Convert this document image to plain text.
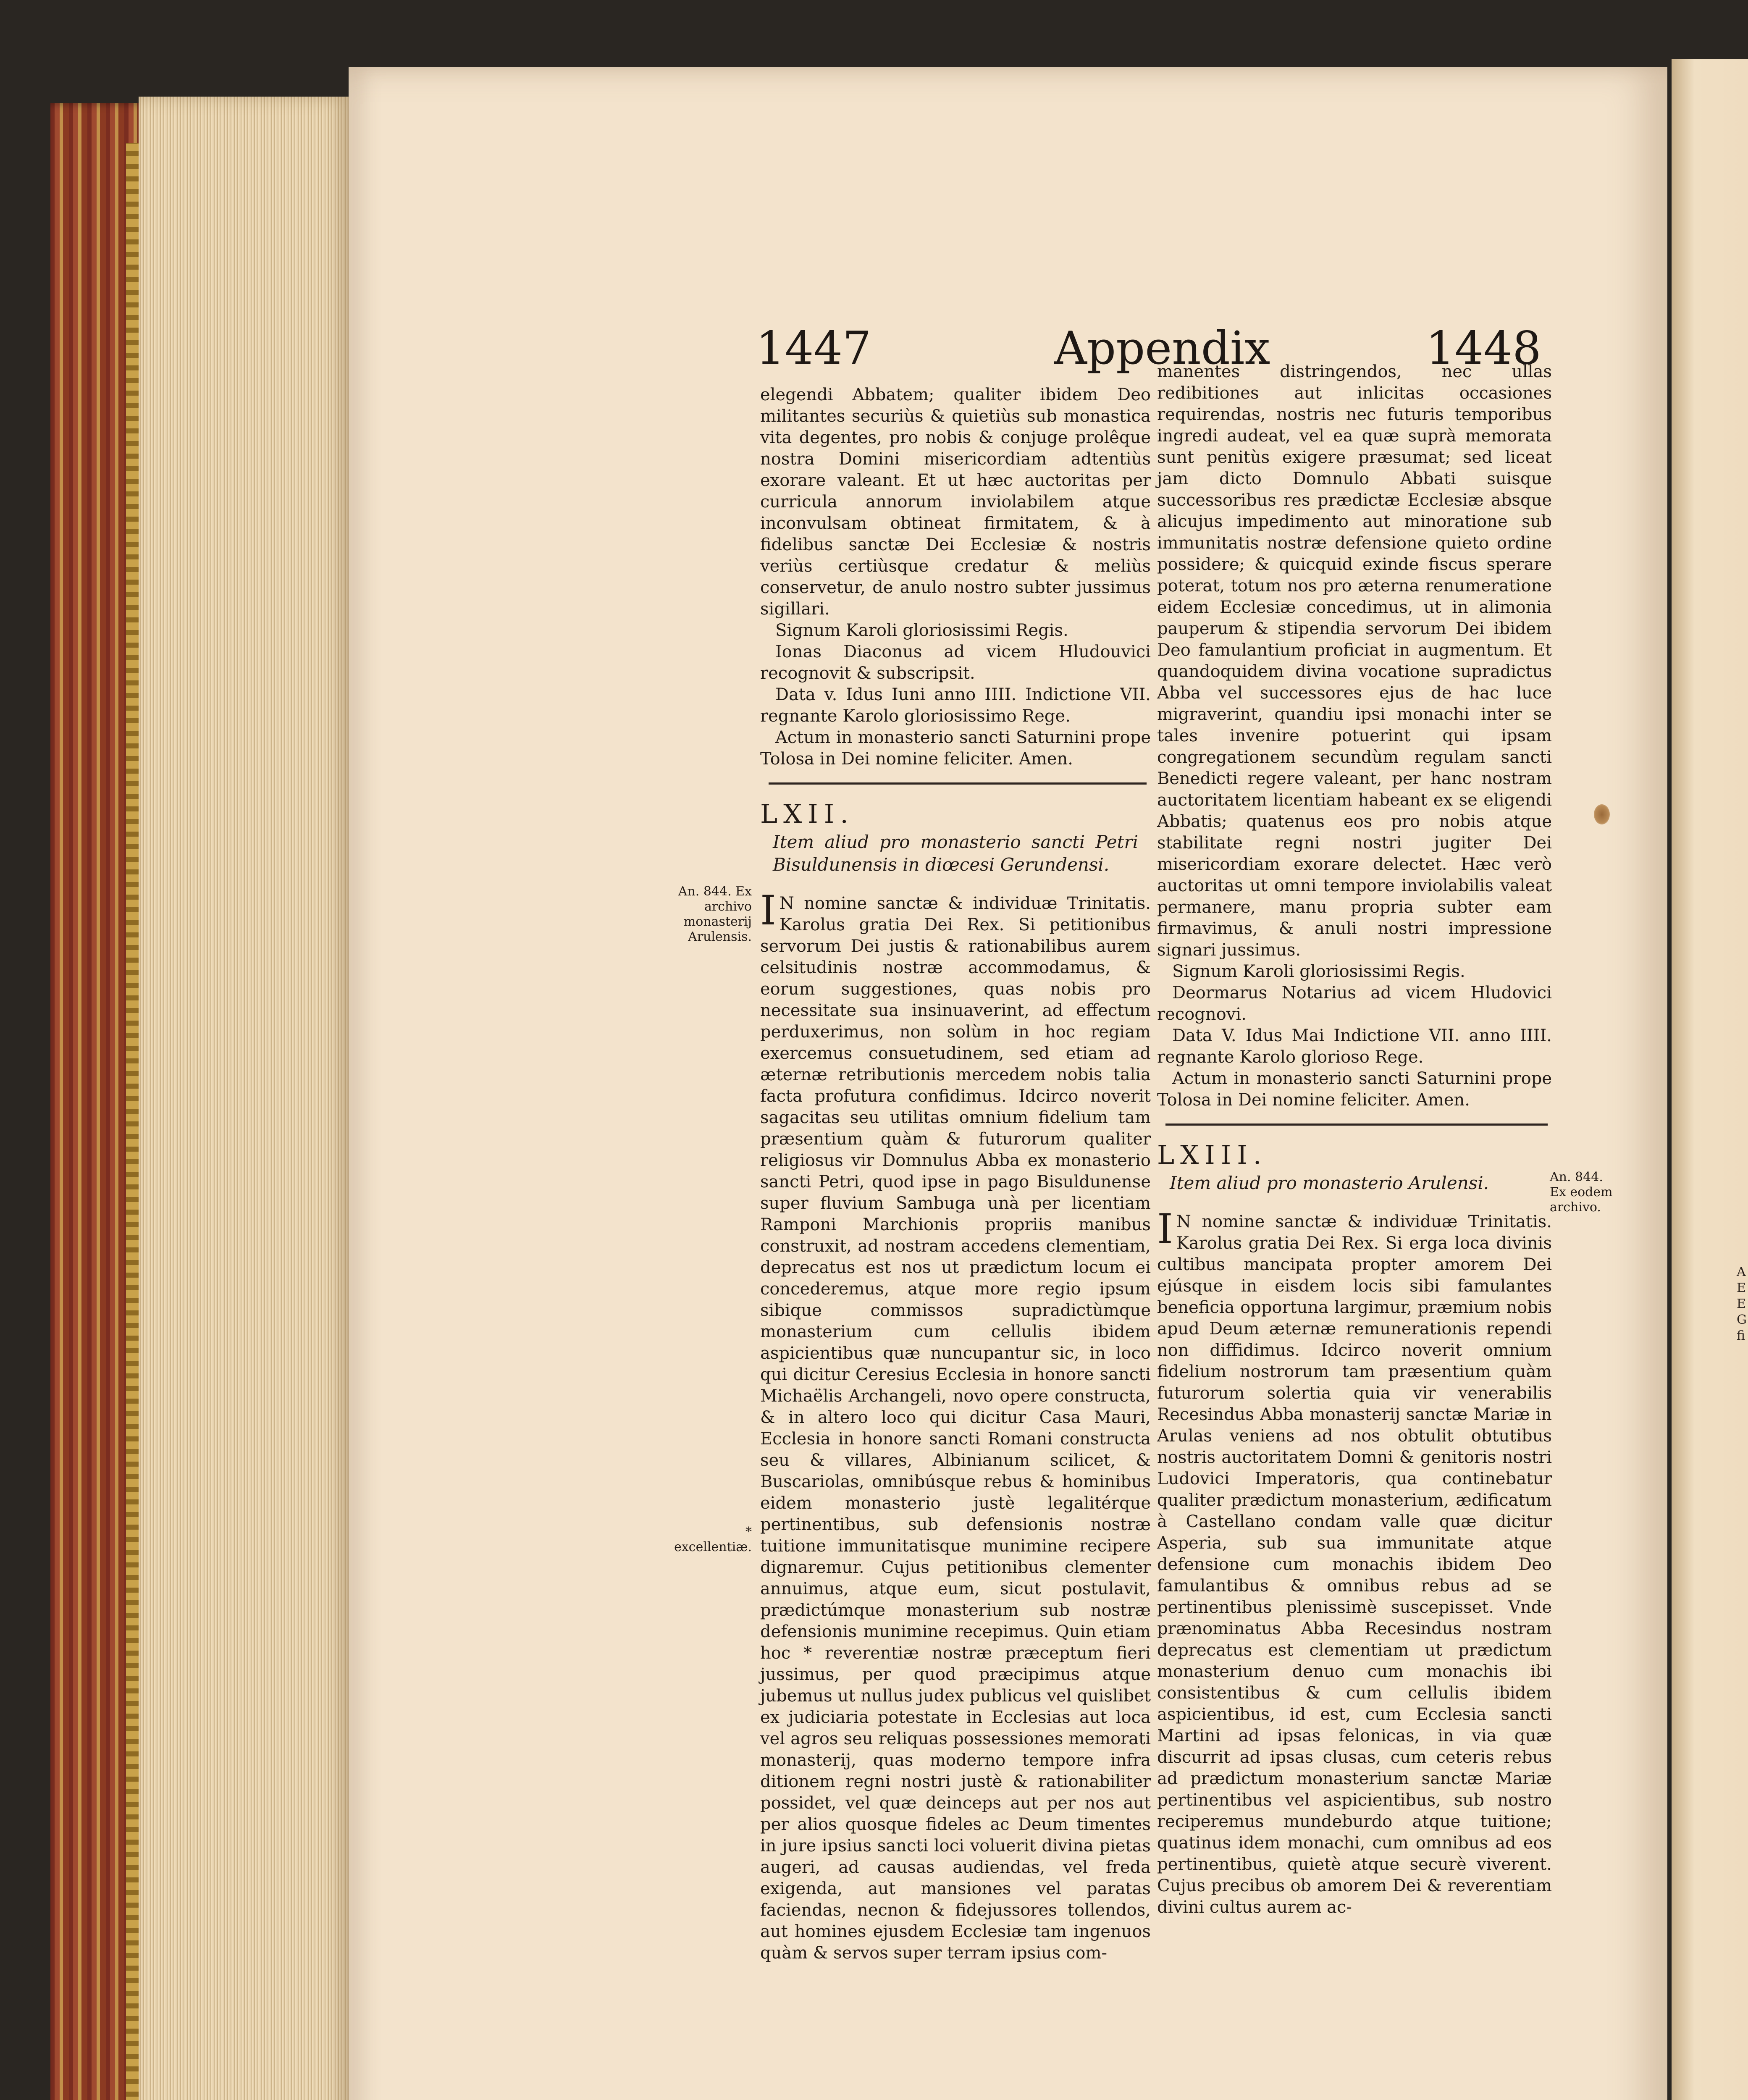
A E E G fi
1447	Appendix	1448

elegendi Abbatem; qualiter ibidem Deo militantes securiùs & quietiùs sub monastica vita degentes, pro nobis & conjuge prolêque nostra Domini misericordiam adtentiùs exorare valeant. Et ut hæc auctoritas per curricula annorum inviolabilem atque inconvulsam obtineat firmitatem, & à fidelibus sanctæ Dei Ecclesiæ & nostris veriùs certiùsque credatur & meliùs conservetur, de anulo nostro subter jussimus sigillari.

Signum Karoli gloriosissimi Regis.

Ionas Diaconus ad vicem Hludouvici recognovit & subscripsit.

Data v. Idus Iuni anno IIII. Indictione VII. regnante Karolo gloriosissimo Rege.

Actum in monasterio sancti Saturnini prope Tolosa in Dei nomine feliciter. Amen.

LXII.

Item aliud pro monasterio sancti Petri Bisuldunensis in diœcesi Gerundensi.

IN nomine sanctæ & individuæ Trinitatis. Karolus gratia Dei Rex. Si petitionibus servorum Dei justis & rationabilibus aurem celsitudinis nostræ accommodamus, & eorum suggestiones, quas nobis pro necessitate sua insinuaverint, ad effectum perduxerimus, non solùm in hoc regiam exercemus consuetudinem, sed etiam ad æternæ retributionis mercedem nobis talia facta profutura confidimus. Idcirco noverit sagacitas seu utilitas omnium fidelium tam præsentium quàm & futurorum qualiter religiosus vir Domnulus Abba ex monasterio sancti Petri, quod ipse in pago Bisuldunense super fluvium Sambuga unà per licentiam Ramponi Marchionis propriis manibus construxit, ad nostram accedens clementiam, deprecatus est nos ut prædictum locum ei concederemus, atque more regio ipsum sibique commissos supradictùmque monasterium cum cellulis ibidem aspicientibus quæ nuncupantur sic, in loco qui dicitur Ceresius Ecclesia in honore sancti Michaëlis Archangeli, novo opere constructa, & in altero loco qui dicitur Casa Mauri, Ecclesia in honore sancti Romani constructa seu & villares, Albinianum scilicet, & Buscariolas, omnibúsque rebus & hominibus eidem monasterio justè legalitérque pertinentibus, sub defensionis nostræ tuitione immunitatisque munimine recipere dignaremur. Cujus petitionibus clementer annuimus, atque eum, sicut postulavit, prædictúmque monasterium sub nostræ defensionis munimine recepimus. Quin etiam hoc * reverentiæ nostræ præceptum fieri jussimus, per quod præcipimus atque jubemus ut nullus judex publicus vel quislibet ex judiciaria potestate in Ecclesias aut loca vel agros seu reliquas possessiones memorati monasterij, quas moderno tempore infra ditionem regni nostri justè & rationabiliter possidet, vel quæ deinceps aut per nos aut per alios quosque fideles ac Deum timentes in jure ipsius sancti loci voluerit divina pietas augeri, ad causas audiendas, vel freda exigenda, aut mansiones vel paratas faciendas, necnon & fidejussores tollendos, aut homines ejusdem Ecclesiæ tam ingenuos quàm & servos super terram ipsius com-

manentes distringendos, nec ullas redibitiones aut inlicitas occasiones requirendas, nostris nec futuris temporibus ingredi audeat, vel ea quæ suprà memorata sunt penitùs exigere præsumat; sed liceat jam dicto Domnulo Abbati suisque successoribus res prædictæ Ecclesiæ absque alicujus impedimento aut minoratione sub immunitatis nostræ defensione quieto ordine possidere; & quicquid exinde fiscus sperare poterat, totum nos pro æterna renumeratione eidem Ecclesiæ concedimus, ut in alimonia pauperum & stipendia servorum Dei ibidem Deo famulantium proficiat in augmentum. Et quandoquidem divina vocatione supradictus Abba vel successores ejus de hac luce migraverint, quandiu ipsi monachi inter se tales invenire potuerint qui ipsam congregationem secundùm regulam sancti Benedicti regere valeant, per hanc nostram auctoritatem licentiam habeant ex se eligendi Abbatis; quatenus eos pro nobis atque stabilitate regni nostri jugiter Dei misericordiam exorare delectet. Hæc verò auctoritas ut omni tempore inviolabilis valeat permanere, manu propria subter eam firmavimus, & anuli nostri impressione signari jussimus.

Signum Karoli gloriosissimi Regis.

Deormarus Notarius ad vicem Hludovici recognovi.

Data V. Idus Mai Indictione VII. anno IIII. regnante Karolo glorioso Rege.

Actum in monasterio sancti Saturnini prope Tolosa in Dei nomine feliciter. Amen.

LXIII.

Item aliud pro monasterio Arulensi.

IN nomine sanctæ & individuæ Trinitatis. Karolus gratia Dei Rex. Si erga loca divinis cultibus mancipata propter amorem Dei ejúsque in eisdem locis sibi famulantes beneficia opportuna largimur, præmium nobis apud Deum æternæ remunerationis rependi non diffidimus. Idcirco noverit omnium fidelium nostrorum tam præsentium quàm futurorum solertia quia vir venerabilis Recesindus Abba monasterij sanctæ Mariæ in Arulas veniens ad nos obtulit obtutibus nostris auctoritatem Domni & genitoris nostri Ludovici Imperatoris, qua continebatur qualiter prædictum monasterium, ædificatum à Castellano condam valle quæ dicitur Asperia, sub sua immunitate atque defensione cum monachis ibidem Deo famulantibus & omnibus rebus ad se pertinentibus plenissimè suscepisset. Vnde prænominatus Abba Recesindus nostram deprecatus est clementiam ut prædictum monasterium denuo cum monachis ibi consistentibus & cum cellulis ibidem aspicientibus, id est, cum Ecclesia sancti Martini ad ipsas felonicas, in via quæ discurrit ad ipsas clusas, cum ceteris rebus ad prædictum monasterium sanctæ Mariæ pertinentibus vel aspicientibus, sub nostro reciperemus mundeburdo atque tuitione; quatinus idem monachi, cum omnibus ad eos pertinentibus, quietè atque securè viverent. Cujus precibus ob amorem Dei & reverentiam divini cultus aurem ac-

An. 844. Ex archivo monasterij Arulensis.
* excellentiæ.
An. 844. Ex eodem archivo.
